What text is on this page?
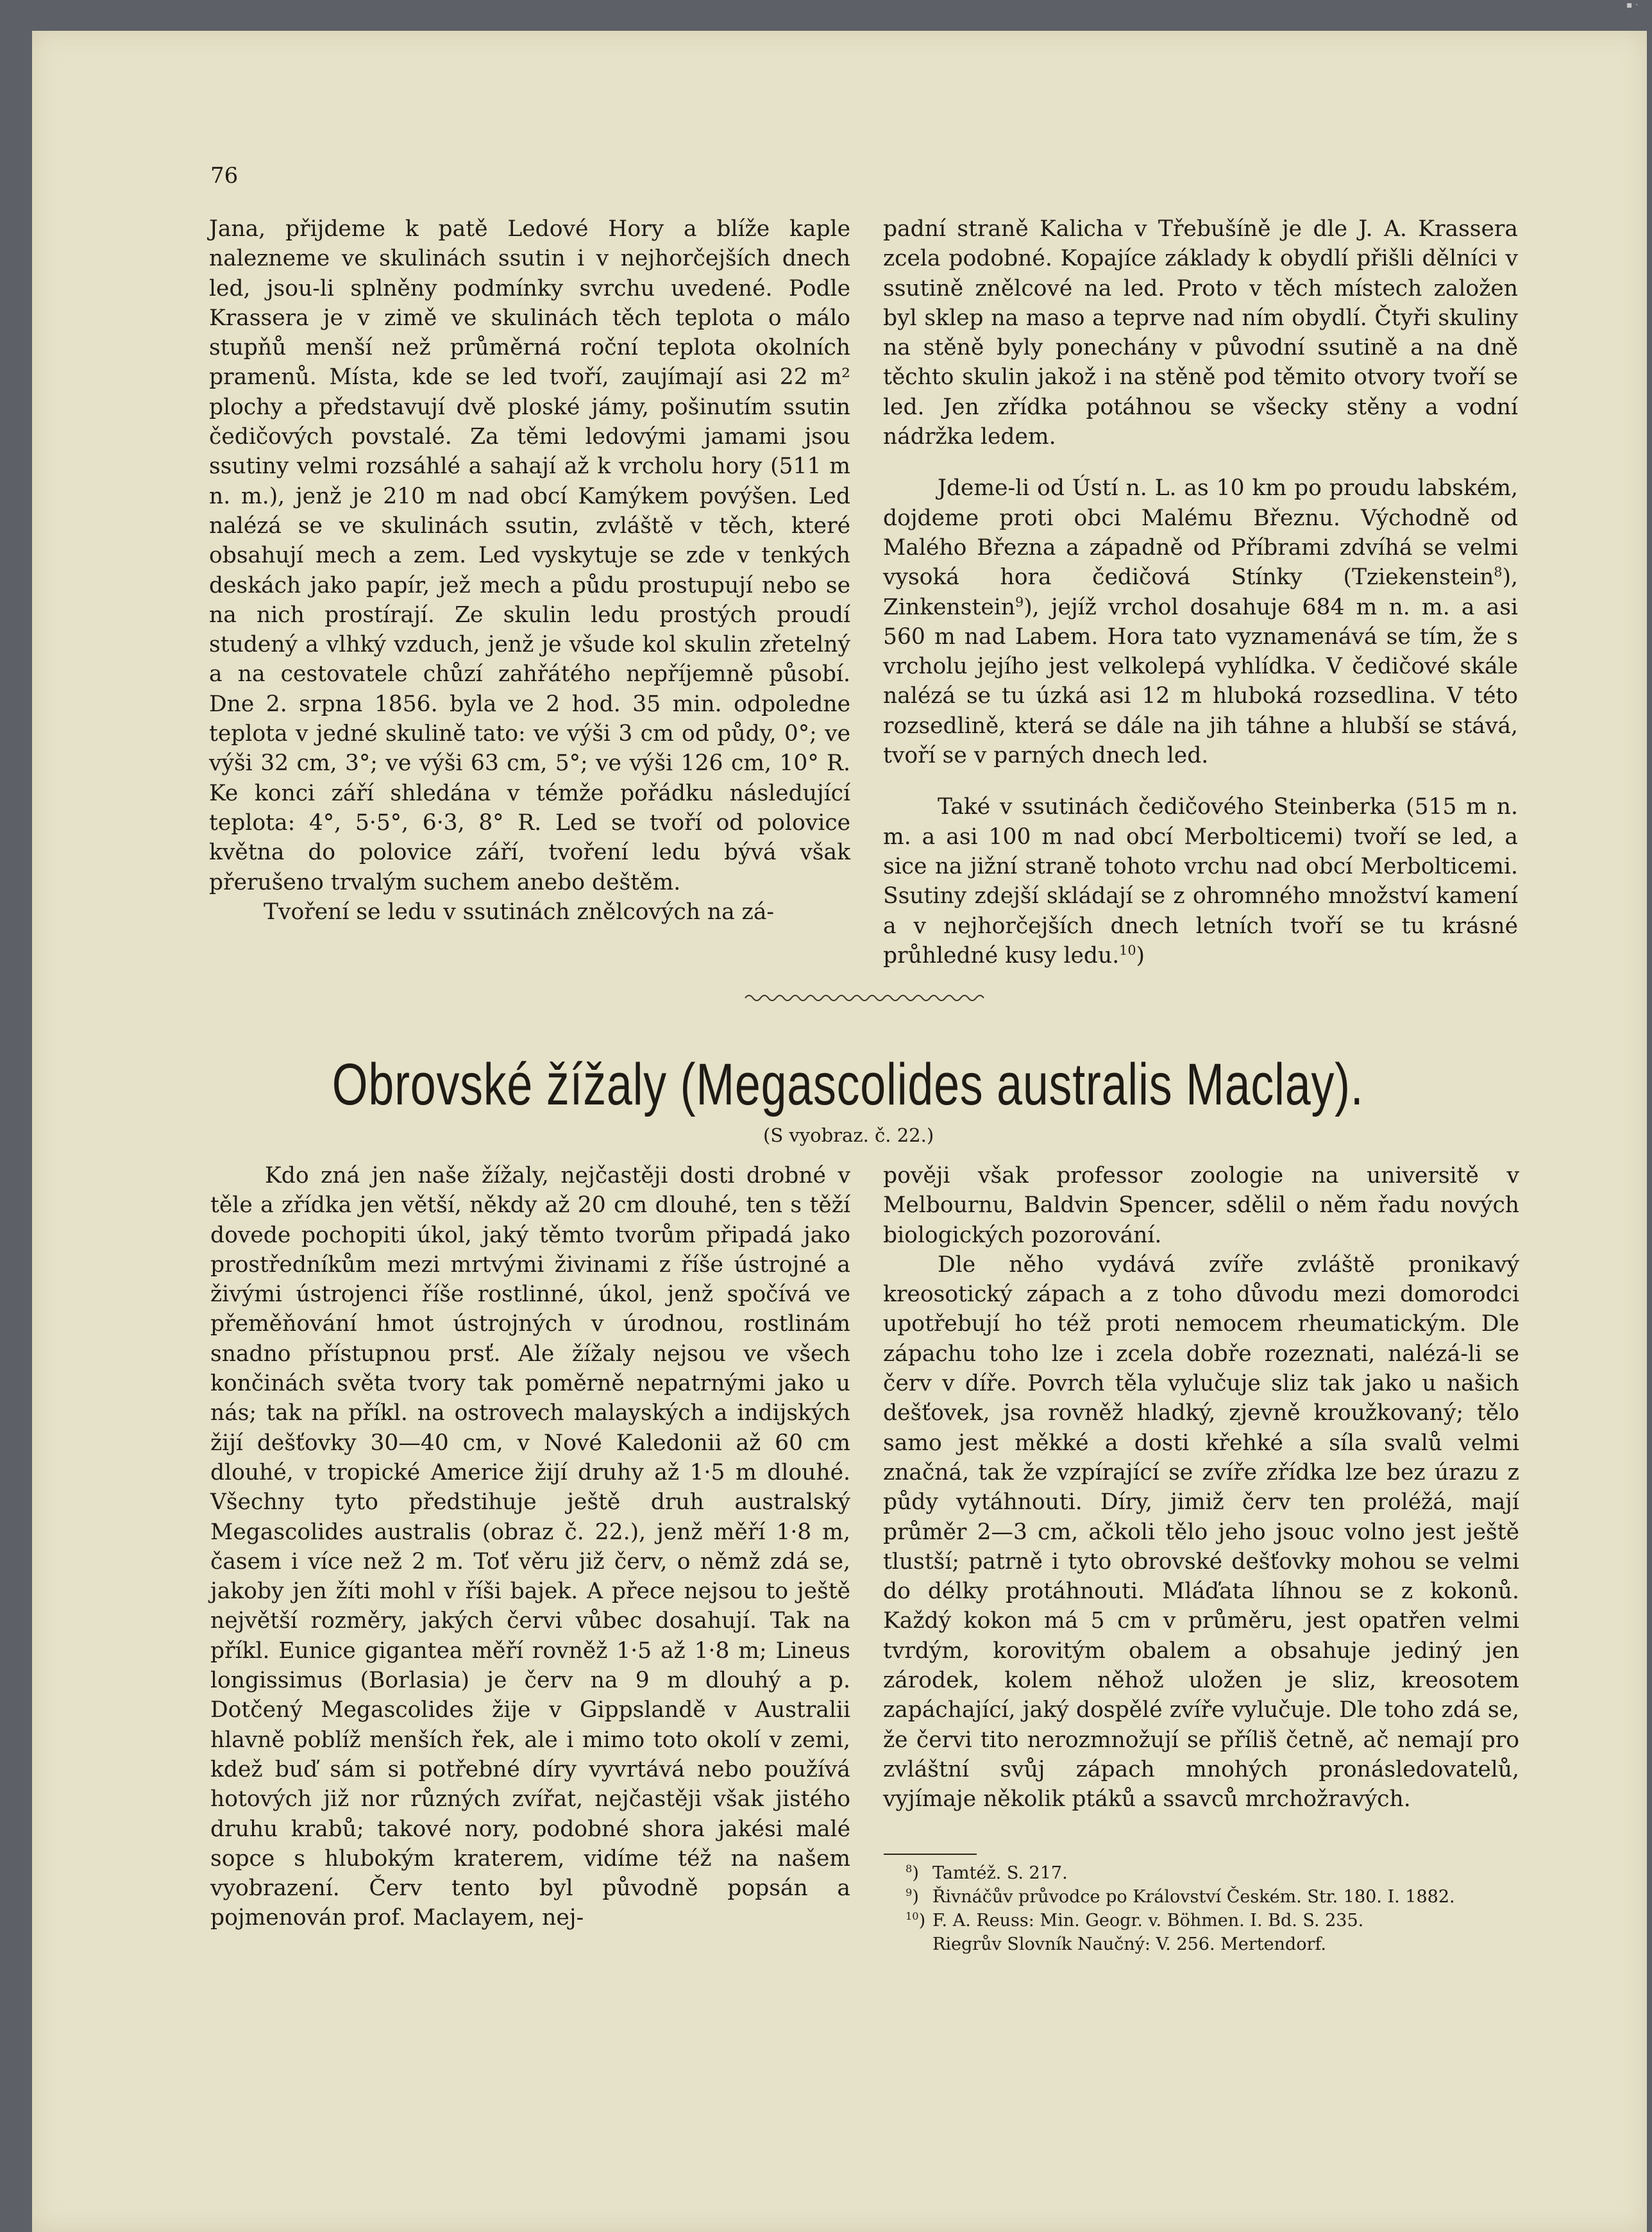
▪ ·
76

Jana, přijdeme k patě Ledové Hory a blíže kaple nalezneme ve skulinách ssutin i v nejhorčejších dnech led, jsou-li splněny podmínky svrchu uvedené. Podle Krassera je v zimě ve skulinách těch teplota o málo stupňů menší než průměrná roční teplota okolních pramenů. Místa, kde se led tvoří, zaujímají asi 22 m² plochy a představují dvě ploské jámy, pošinutím ssutin čedičových povstalé. Za těmi ledovými jamami jsou ssutiny velmi rozsáhlé a sahají až k vrcholu hory (511 m n. m.), jenž je 210 m nad obcí Kamýkem povýšen. Led nalézá se ve skulinách ssutin, zvláště v těch, které obsahují mech a zem. Led vyskytuje se zde v tenkých deskách jako papír, jež mech a půdu prostupují nebo se na nich prostírají. Ze skulin ledu prostých proudí studený a vlhký vzduch, jenž je všude kol skulin zřetelný a na cestovatele chůzí zahřátého nepříjemně působí. Dne 2. srpna 1856. byla ve 2 hod. 35 min. odpoledne teplota v jedné skulině tato: ve výši 3 cm od půdy, 0°; ve výši 32 cm, 3°; ve výši 63 cm, 5°; ve výši 126 cm, 10° R. Ke konci září shledána v témže pořádku následující teplota: 4°, 5·5°, 6·3, 8° R. Led se tvoří od polovice května do polovice září, tvoření ledu bývá však přerušeno trvalým suchem anebo deštěm.

Tvoření se ledu v ssutinách znělcových na zá-

padní straně Kalicha v Třebušíně je dle J. A. Krassera zcela podobné. Kopajíce základy k obydlí přišli dělníci v ssutině znělcové na led. Proto v těch místech založen byl sklep na maso a teprve nad ním obydlí. Čtyři skuliny na stěně byly ponechány v původní ssutině a na dně těchto skulin jakož i na stěně pod těmito otvory tvoří se led. Jen zřídka potáhnou se všecky stěny a vodní nádržka ledem.

Jdeme-li od Ústí n. L. as 10 km po proudu labském, dojdeme proti obci Malému Březnu. Východně od Malého Března a západně od Příbrami zdvíhá se velmi vysoká hora čedičová Stínky (Tziekenstein$^8$), Zinkenstein$^9$), jejíž vrchol dosahuje 684 m n. m. a asi 560 m nad Labem. Hora tato vyznamenává se tím, že s vrcholu jejího jest velkolepá vyhlídka. V čedičové skále nalézá se tu úzká asi 12 m hluboká rozsedlina. V této rozsedlině, která se dále na jih táhne a hlubší se stává, tvoří se v parných dnech led.

Také v ssutinách čedičového Steinberka (515 m n. m. a asi 100 m nad obcí Merbolticemi) tvoří se led, a sice na jižní straně tohoto vrchu nad obcí Merbolticemi. Ssutiny zdejší skládají se z ohromného množství kamení a v nejhorčejších dnech letních tvoří se tu krásné průhledné kusy ledu.$^{10}$)

Obrovské žížaly (Megascolides australis Maclay).
(S vyobraz. č. 22.)

Kdo zná jen naše žížaly, nejčastěji dosti drobné v těle a zřídka jen větší, někdy až 20 cm dlouhé, ten s těží dovede pochopiti úkol, jaký těmto tvorům připadá jako prostředníkům mezi mrtvými živinami z říše ústrojné a živými ústrojenci říše rostlinné, úkol, jenž spočívá ve přeměňování hmot ústrojných v úrodnou, rostlinám snadno přístupnou prsť. Ale žížaly nejsou ve všech končinách světa tvory tak poměrně nepatrnými jako u nás; tak na příkl. na ostrovech malayských a indijských žijí dešťovky 30—40 cm, v Nové Kaledonii až 60 cm dlouhé, v tropické Americe žijí druhy až 1·5 m dlouhé. Všechny tyto předstihuje ještě druh australský Megascolides australis (obraz č. 22.), jenž měří 1·8 m, časem i více než 2 m. Toť věru již červ, o němž zdá se, jakoby jen žíti mohl v říši bajek. A přece nejsou to ještě největší rozměry, jakých červi vůbec dosahují. Tak na příkl. Eunice gigantea měří rovněž 1·5 až 1·8 m; Lineus longissimus (Borlasia) je červ na 9 m dlouhý a p. Dotčený Megascolides žije v Gippslandě v Australii hlavně poblíž menších řek, ale i mimo toto okolí v zemi, kdež buď sám si potřebné díry vyvrtává nebo používá hotových již nor různých zvířat, nejčastěji však jistého druhu krabů; takové nory, podobné shora jakési malé sopce s hlubokým kraterem, vidíme též na našem vyobrazení. Červ tento byl původně popsán a pojmenován prof. Maclayem, nej-

pověji však professor zoologie na universitě v Melbournu, Baldvin Spencer, sdělil o něm řadu nových biologických pozorování.

Dle něho vydává zvíře zvláště pronikavý kreosotický zápach a z toho důvodu mezi domorodci upotřebují ho též proti nemocem rheumatickým. Dle zápachu toho lze i zcela dobře rozeznati, nalézá-li se červ v díře. Povrch těla vylučuje sliz tak jako u našich dešťovek, jsa rovněž hladký, zjevně kroužkovaný; tělo samo jest měkké a dosti křehké a síla svalů velmi značná, tak že vzpírající se zvíře zřídka lze bez úrazu z půdy vytáhnouti. Díry, jimiž červ ten proléžá, mají průměr 2—3 cm, ačkoli tělo jeho jsouc volno jest ještě tlustší; patrně i tyto obrovské dešťovky mohou se velmi do délky protáhnouti. Mláďata líhnou se z kokonů. Každý kokon má 5 cm v průměru, jest opatřen velmi tvrdým, korovitým obalem a obsahuje jediný jen zárodek, kolem něhož uložen je sliz, kreosotem zapáchající, jaký dospělé zvíře vylučuje. Dle toho zdá se, že červi tito nerozmnožují se příliš četně, ač nemají pro zvláštní svůj zápach mnohých pronásledovatelů, vyjímaje několik ptáků a ssavců mrchožravých.

$^8$) Tamtéž. S. 217.
$^9$) Řivnáčův průvodce po Království Českém. Str. 180. I. 1882.
$^{10}$) F. A. Reuss: Min. Geogr. v. Böhmen. I. Bd. S. 235.
Riegrův Slovník Naučný: V. 256. Mertendorf.
